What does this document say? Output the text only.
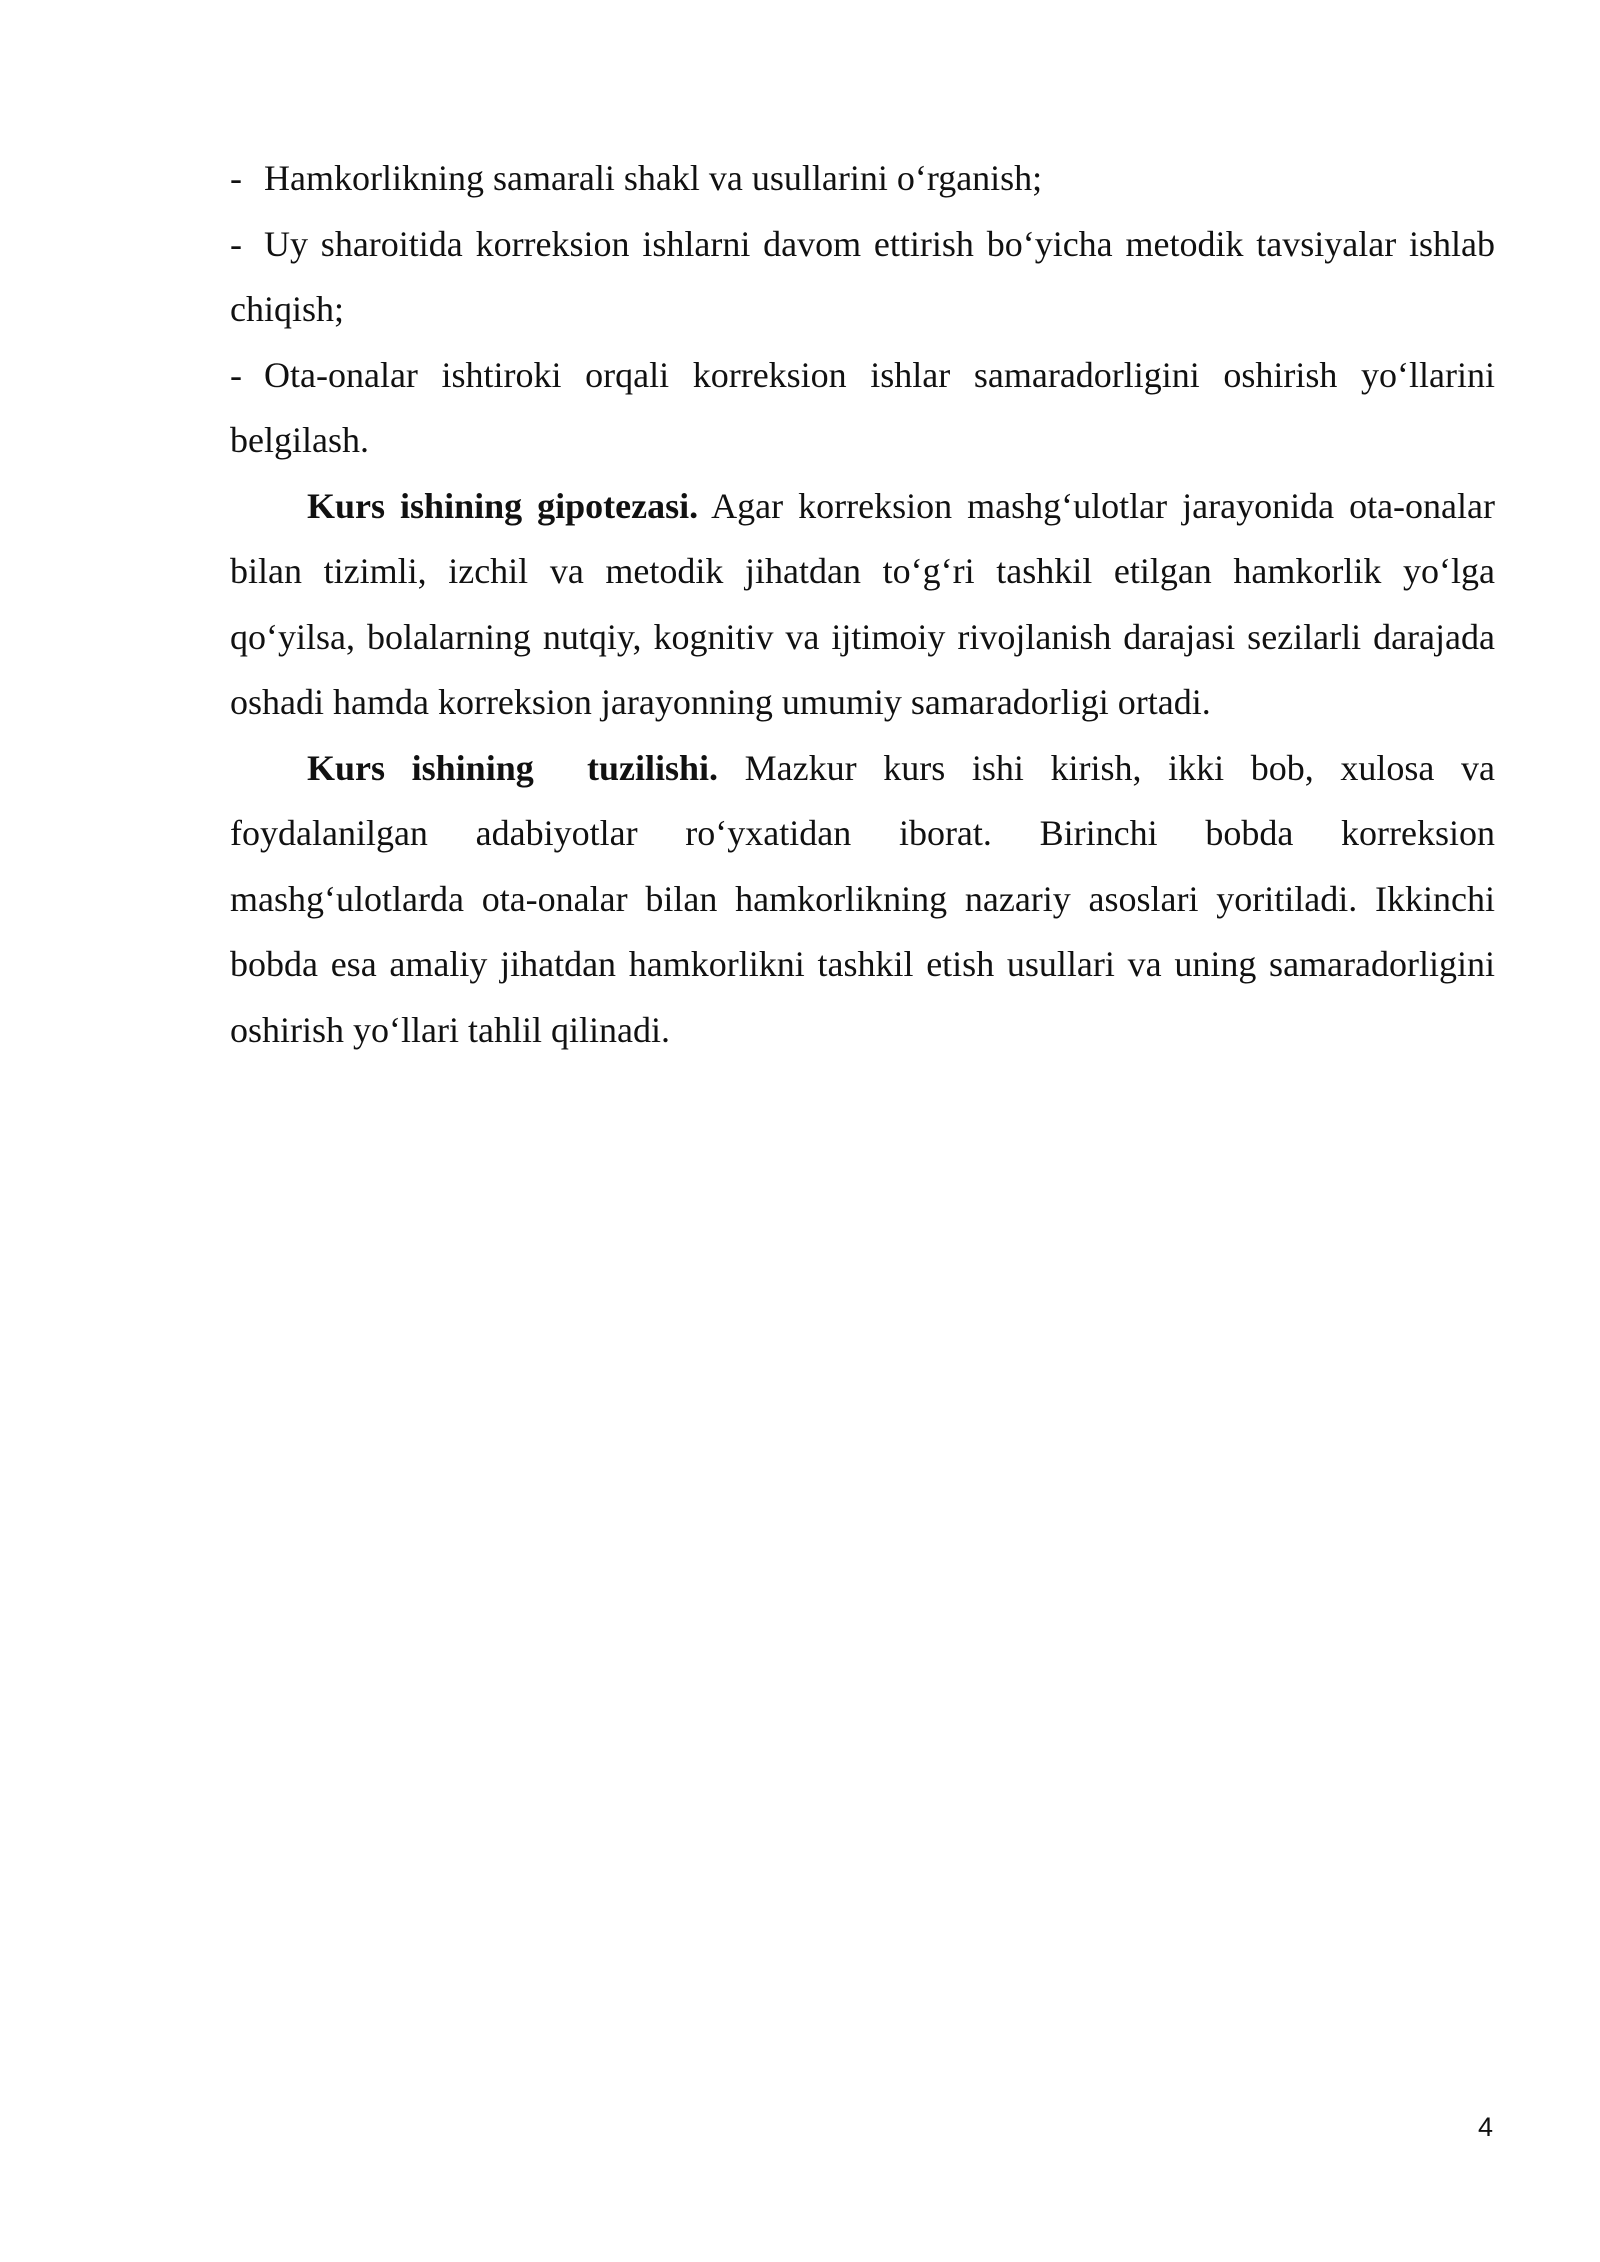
- Hamkorlikning samarali shakl va usullarini o‘rganish;

- Uy sharoitida korreksion ishlarni davom ettirish bo‘yicha metodik tavsiyalar ishlab chiqish;

- Ota-onalar ishtiroki orqali korreksion ishlar samaradorligini oshirish yo‘llarini belgilash.

Kurs ishining gipotezasi. Agar korreksion mashg‘ulotlar jarayonida ota-onalar bilan tizimli, izchil va metodik jihatdan to‘g‘ri tashkil etilgan hamkorlik yo‘lga qo‘yilsa, bolalarning nutqiy, kognitiv va ijtimoiy rivojlanish darajasi sezilarli darajada oshadi hamda korreksion jarayonning umumiy samaradorligi ortadi.

Kurs ishining  tuzilishi. Mazkur kurs ishi kirish, ikki bob, xulosa va foydalanilgan adabiyotlar ro‘yxatidan iborat. Birinchi bobda korreksion mashg‘ulotlarda ota-onalar bilan hamkorlikning nazariy asoslari yoritiladi. Ikkinchi bobda esa amaliy jihatdan hamkorlikni tashkil etish usullari va uning samaradorligini oshirish yo‘llari tahlil qilinadi.

4
